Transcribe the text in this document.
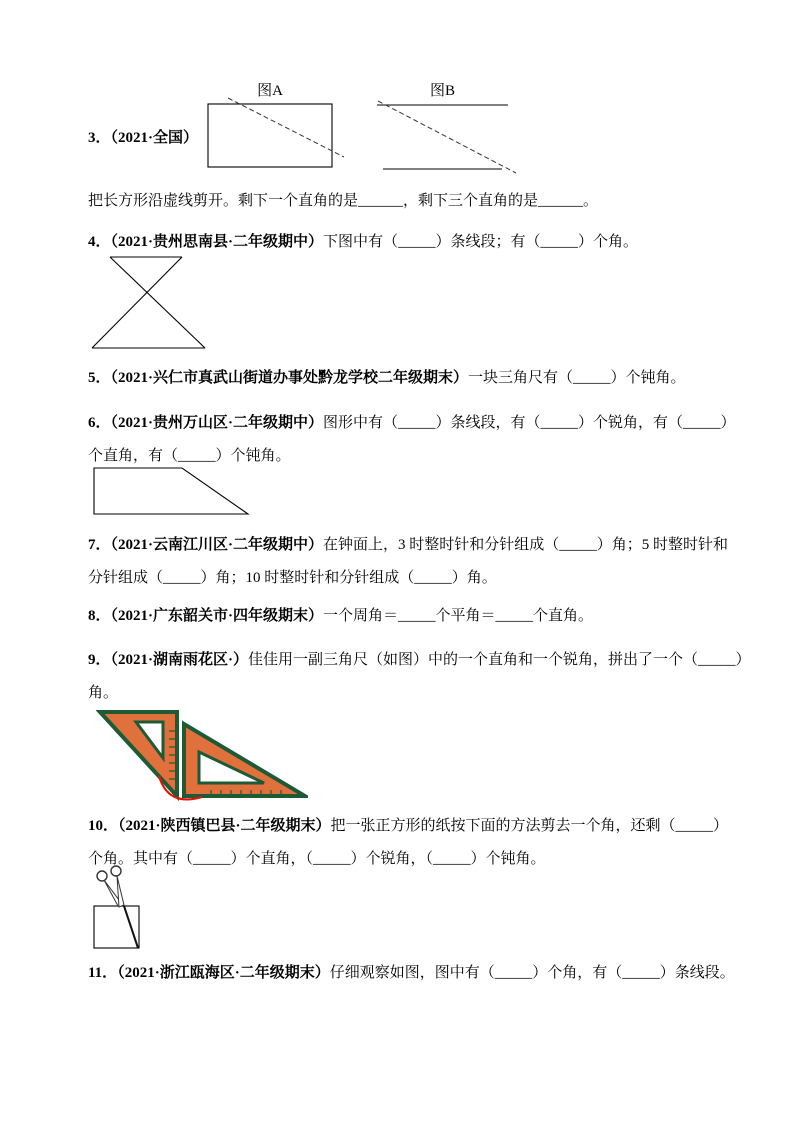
图A	图B
3．（2021·全国）
把长方形沿虚线剪开。剩下一个直角的是______，剩下三个直角的是______。
4．（2021·贵州思南县·二年级期中）下图中有（_____）条线段；有（_____）个角。
5．（2021·兴仁市真武山街道办事处黔龙学校二年级期末）一块三角尺有（_____）个钝角。
6．（2021·贵州万山区·二年级期中）图形中有（_____）条线段，有（_____）个锐角，有（_____）
个直角，有（_____）个钝角。
7．（2021·云南江川区·二年级期中）在钟面上，3 时整时针和分针组成（_____）角；5 时整时针和
分针组成（_____）角；10 时整时针和分针组成（_____）角。
8．（2021·广东韶关市·四年级期末）一个周角＝_____个平角＝_____个直角。
9．（2021·湖南雨花区·）佳佳用一副三角尺（如图）中的一个直角和一个锐角，拼出了一个（_____）
角。
10．（2021·陕西镇巴县·二年级期末）把一张正方形的纸按下面的方法剪去一个角，还剩（_____）
个角。其中有（_____）个直角，（_____）个锐角，（_____）个钝角。
11．（2021·浙江瓯海区·二年级期末）仔细观察如图，图中有（_____）个角，有（_____）条线段。
